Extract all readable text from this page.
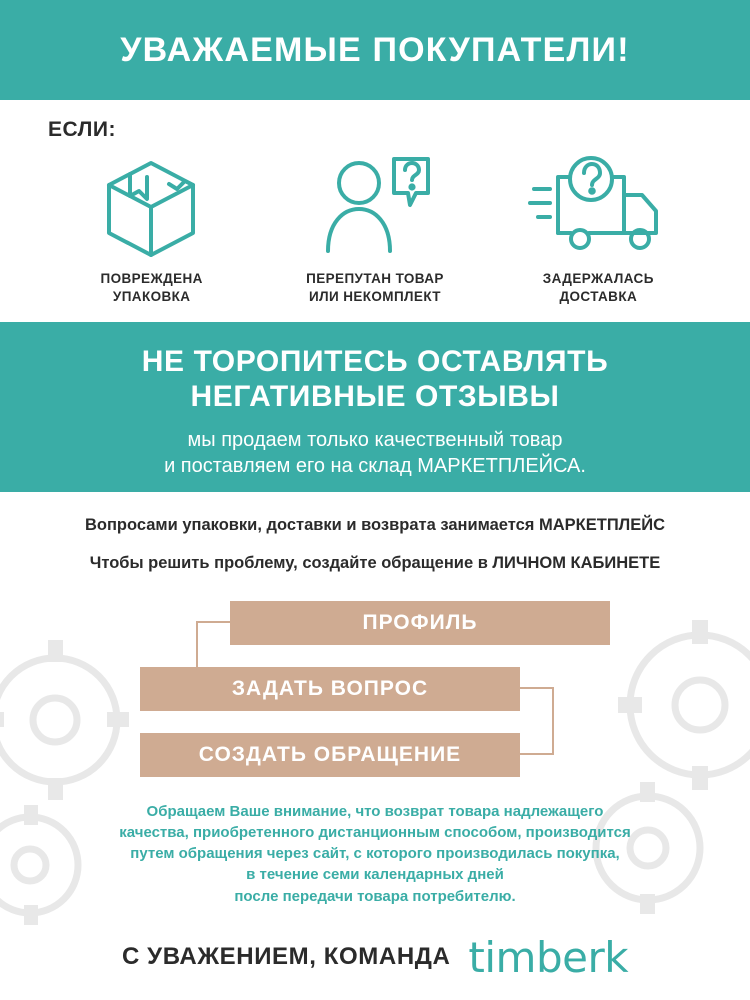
УВАЖАЕМЫЕ ПОКУПАТЕЛИ!
ЕСЛИ:
ПОВРЕЖДЕНА
УПАКОВКА
ПЕРЕПУТАН ТОВАР
ИЛИ НЕКОМПЛЕКТ
ЗАДЕРЖАЛАСЬ
ДОСТАВКА
НЕ ТОРОПИТЕСЬ ОСТАВЛЯТЬ
НЕГАТИВНЫЕ ОТЗЫВЫ

мы продаем только качественный товар
и поставляем его на склад МАРКЕТПЛЕЙСА.

Вопросами упаковки, доставки и возврата занимается МАРКЕТПЛЕЙС
Чтобы решить проблему, создайте обращение в ЛИЧНОМ КАБИНЕТЕ
ПРОФИЛЬ
ЗАДАТЬ ВОПРОС
СОЗДАТЬ ОБРАЩЕНИЕ
Обращаем Ваше внимание, что возврат товара надлежащего
качества, приобретенного дистанционным способом, производится
путем обращения через сайт, с которого производилась покупка,
в течение семи календарных дней
после передачи товара потребителю.
С УВАЖЕНИЕМ, КОМАНДА timberk
